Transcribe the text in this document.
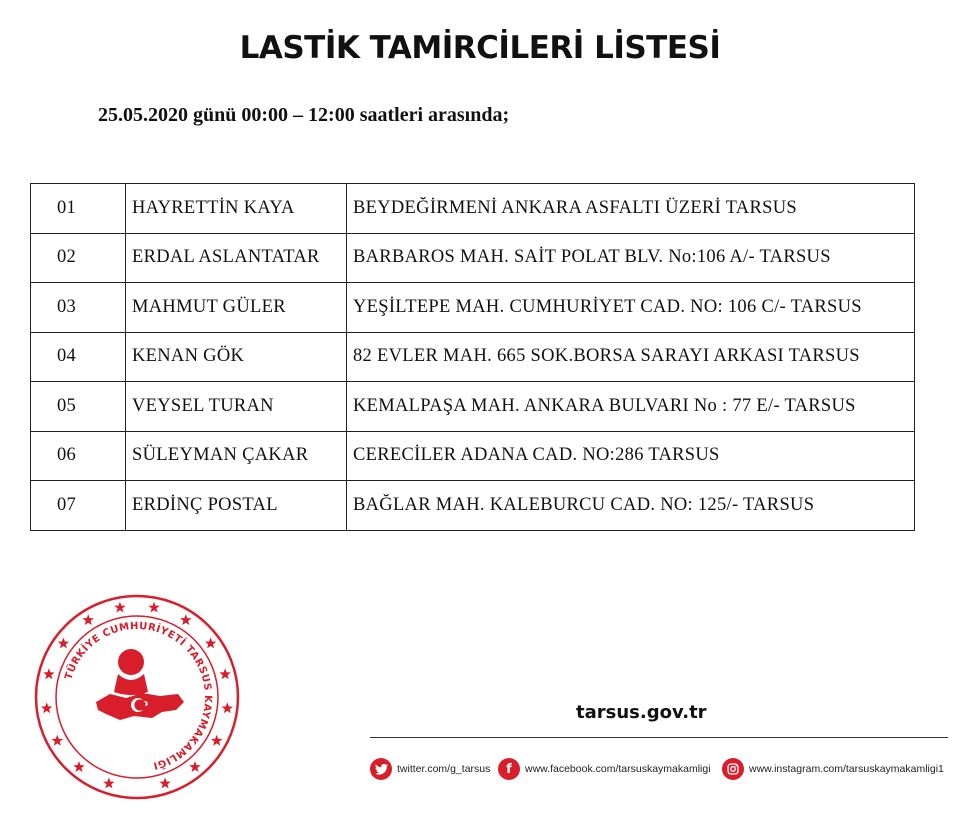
LASTİK TAMİRCİLERİ LİSTESİ
25.05.2020 günü 00:00 – 12:00 saatleri arasında;
01	HAYRETTİN KAYA	BEYDEĞİRMENİ ANKARA ASFALTI ÜZERİ TARSUS
02	ERDAL ASLANTATAR	BARBAROS MAH. SAİT POLAT BLV. No:106 A/- TARSUS
03	MAHMUT GÜLER	YEŞİLTEPE MAH. CUMHURİYET CAD. NO: 106 C/- TARSUS
04	KENAN GÖK	82 EVLER MAH. 665 SOK.BORSA SARAYI ARKASI TARSUS
05	VEYSEL TURAN	KEMALPAŞA MAH. ANKARA BULVARI No : 77 E/- TARSUS
06	SÜLEYMAN ÇAKAR	CERECİLER ADANA CAD. NO:286 TARSUS
07	ERDİNÇ POSTAL	BAĞLAR MAH. KALEBURCU CAD. NO: 125/- TARSUS
TÜRKİYE CUMHURİYETİ TARSUS KAYMAKAMLIĞI
tarsus.gov.tr
twitter.com/g_tarsus f www.facebook.com/tarsuskaymakamligi	www.instagram.com/tarsuskaymakamligi1
